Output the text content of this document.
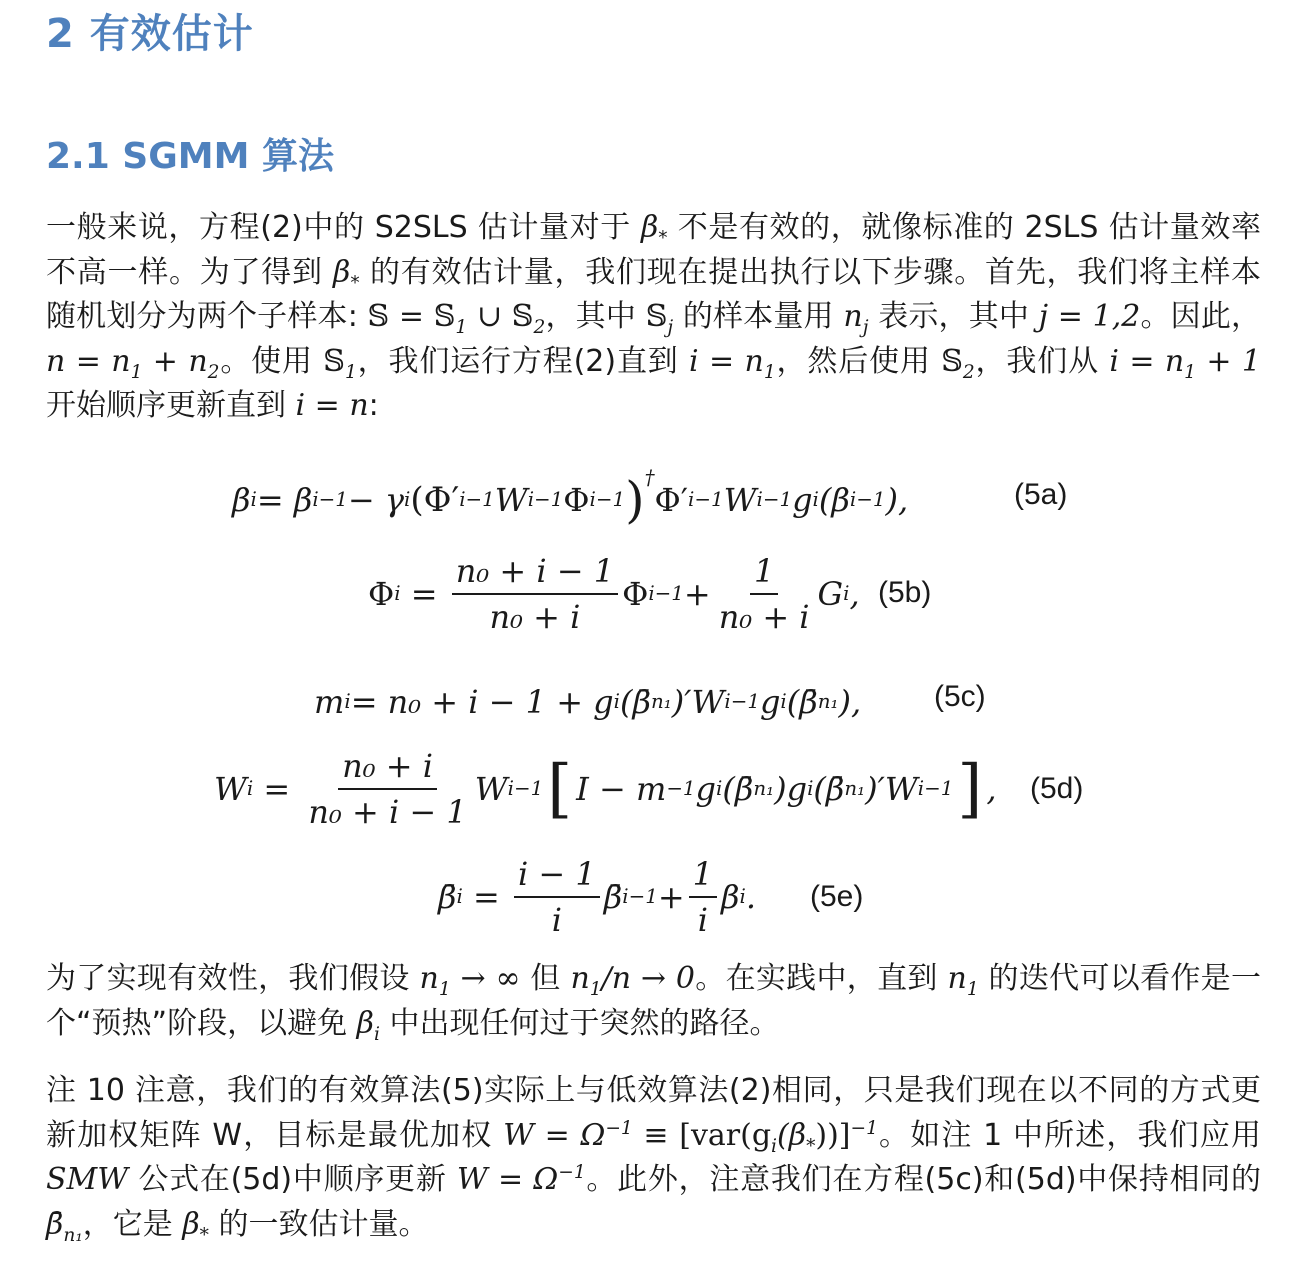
2 有效估计
2.1 SGMM 算法
一般来说，方程(2)中的 S2SLS 估计量对于 $\beta_*$ 不是有效的，就像标准的 2SLS 估计量效率不高一样。为了得到 $\beta_*$ 的有效估计量，我们现在提出执行以下步骤。首先，我们将主样本随机划分为两个子样本: 𝕊 = 𝕊$_1$ ∪ 𝕊$_2$，其中 𝕊$_j$ 的样本量用 $n_j$ 表示，其中 j = 1,2。因此，$n = n_1 + n_2$。使用 𝕊$_1$，我们运行方程(2)直到 $i = n_1$，然后使用 𝕊$_2$，我们从 $i = n_1 + 1$ 开始顺序更新直到 i = n:
β i = β i−1 − γ i (Φ′ i−1 W i−1 Φ i−1 )†
Φ′ i−1 W i−1 g i (β i−1 ),	(5a)
Φ $i = \frac{\text{n₀ + i − 1}}{\text{n₀ + i}}$ Φ $i-1 + \frac{1}{\text{n₀ + i}}$ G i , (5b)
m i = n₀ + i − 1 + g i (β̄ n₁ )′W i−1 g i (β̄ n₁ ), (5c)
W $i = \frac{\text{n₀ + i}}{\text{n₀ + i − 1}}$ W i−1 [ I − m −1 g i (β̄ n₁ )g i (β̄ n₁ )′W i−1 ] , (5d)
β̄ $i = \frac{i - 1}{i}$ β̄ $i-1 + \frac{1}{i}$ β i . (5e)
为了实现有效性，我们假设 $n_1$ → ∞ 但 $n_1/n \to 0$。在实践中，直到 $n_1$ 的迭代可以看作是一个“预热”阶段，以避免 $\beta_i$ 中出现任何过于突然的路径。
注 10 注意，我们的有效算法(5)实际上与低效算法(2)相同，只是我们现在以不同的方式更新加权矩阵 W，目标是最优加权 $W = \Omega^{-1} \equiv [var(g_i(\beta_*))]^{-1}$。如注 1 中所述，我们应用 SMW 公式在(5d)中顺序更新 $W = \Omega^{-1}$。此外，注意我们在方程(5c)和(5d)中保持相同的 $\betā_{n_1}$，它是 $\beta_*$ 的一致估计量。
